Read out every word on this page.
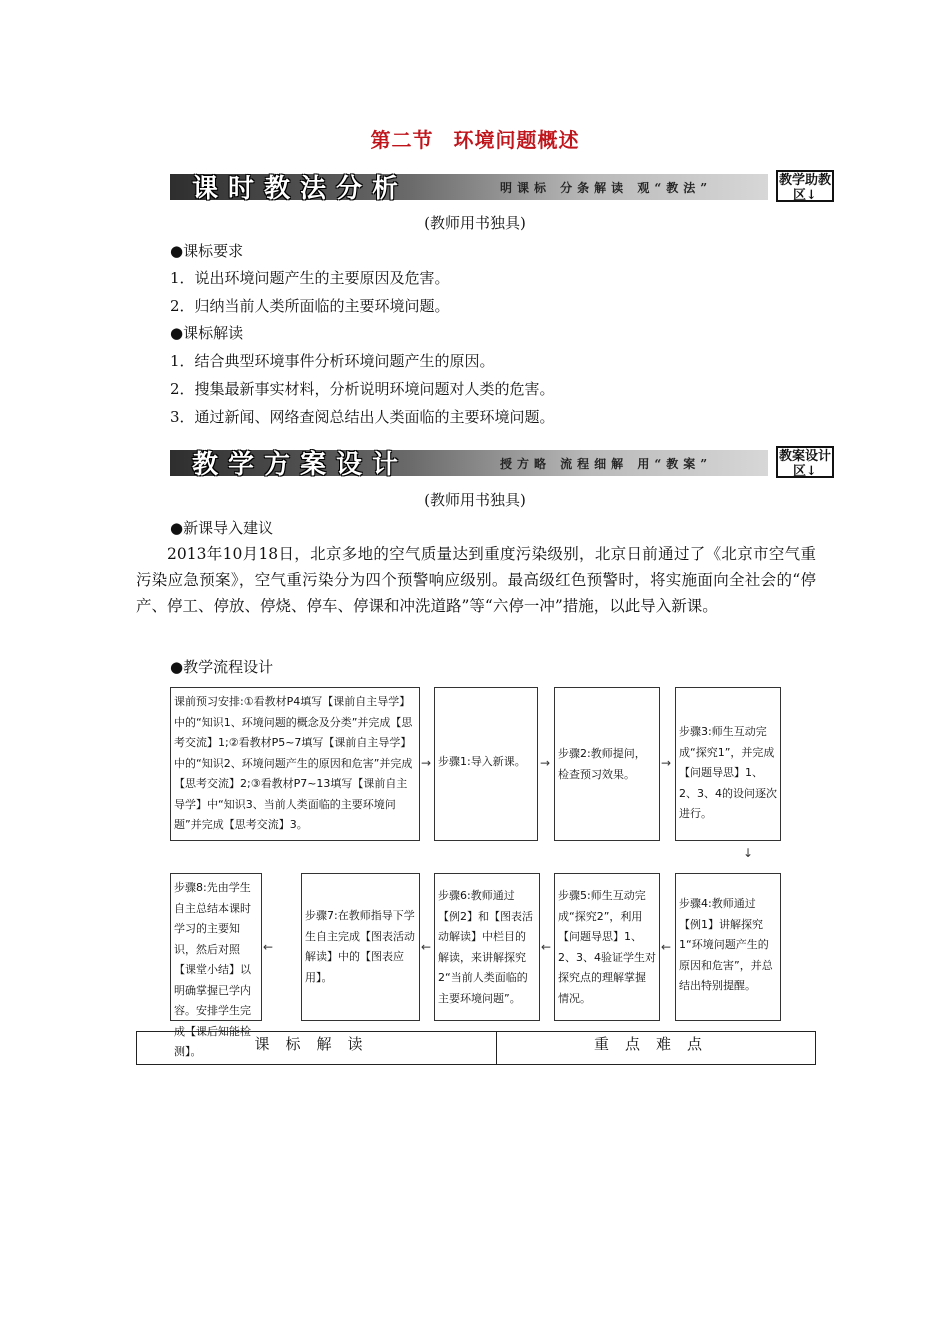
第二节 环境问题概述
课时教法分析	明课标 分条解读 观“教法”	教学助教区↓
(教师用书独具)
●课标要求
1．说出环境问题产生的主要原因及危害。
2．归纳当前人类所面临的主要环境问题。
●课标解读
1．结合典型环境事件分析环境问题产生的原因。
2．搜集最新事实材料，分析说明环境问题对人类的危害。
3．通过新闻、网络查阅总结出人类面临的主要环境问题。
教学方案设计	授方略 流程细解 用“教案”	教案设计区↓
(教师用书独具)
●新课导入建议
2013年10月18日，北京多地的空气质量达到重度污染级别，北京日前通过了《北京市空气重污染应急预案》，空气重污染分为四个预警响应级别。最高级红色预警时，将实施面向全社会的“停产、停工、停放、停烧、停车、停课和冲洗道路”等“六停一冲”措施，以此导入新课。
●教学流程设计
课前预习安排:①看教材P4填写【课前自主导学】中的“知识1、环境问题的概念及分类”并完成【思考交流】1;②看教材P5~7填写【课前自主导学】中的“知识2、环境问题产生的原因和危害”并完成【思考交流】2;③看教材P7~13填写【课前自主导学】中“知识3、当前人类面临的主要环境问题”并完成【思考交流】3。
→ 步骤1:导入新课。	→
步骤2:教师提问，检查预习效果。
→
步骤3:师生互动完成“探究1”，并完成【问题导思】1、2、3、4的设问逐次进行。
↓
步骤8:先由学生自主总结本课时学习的主要知识，然后对照【课堂小结】以明确掌握已学内容。安排学生完成【课后知能检测】。
←
步骤7:在教师指导下学生自主完成【图表活动解读】中的【图表应用】。
←
步骤6:教师通过【例2】和【图表活动解读】中栏目的解读，来讲解探究2“当前人类面临的主要环境问题”。
←
步骤5:师生互动完成“探究2”，利用【问题导思】1、2、3、4验证学生对探究点的理解掌握情况。
←
步骤4:教师通过【例1】讲解探究1“环境问题产生的原因和危害”，并总结出特别提醒。
课标解读	重点难点
